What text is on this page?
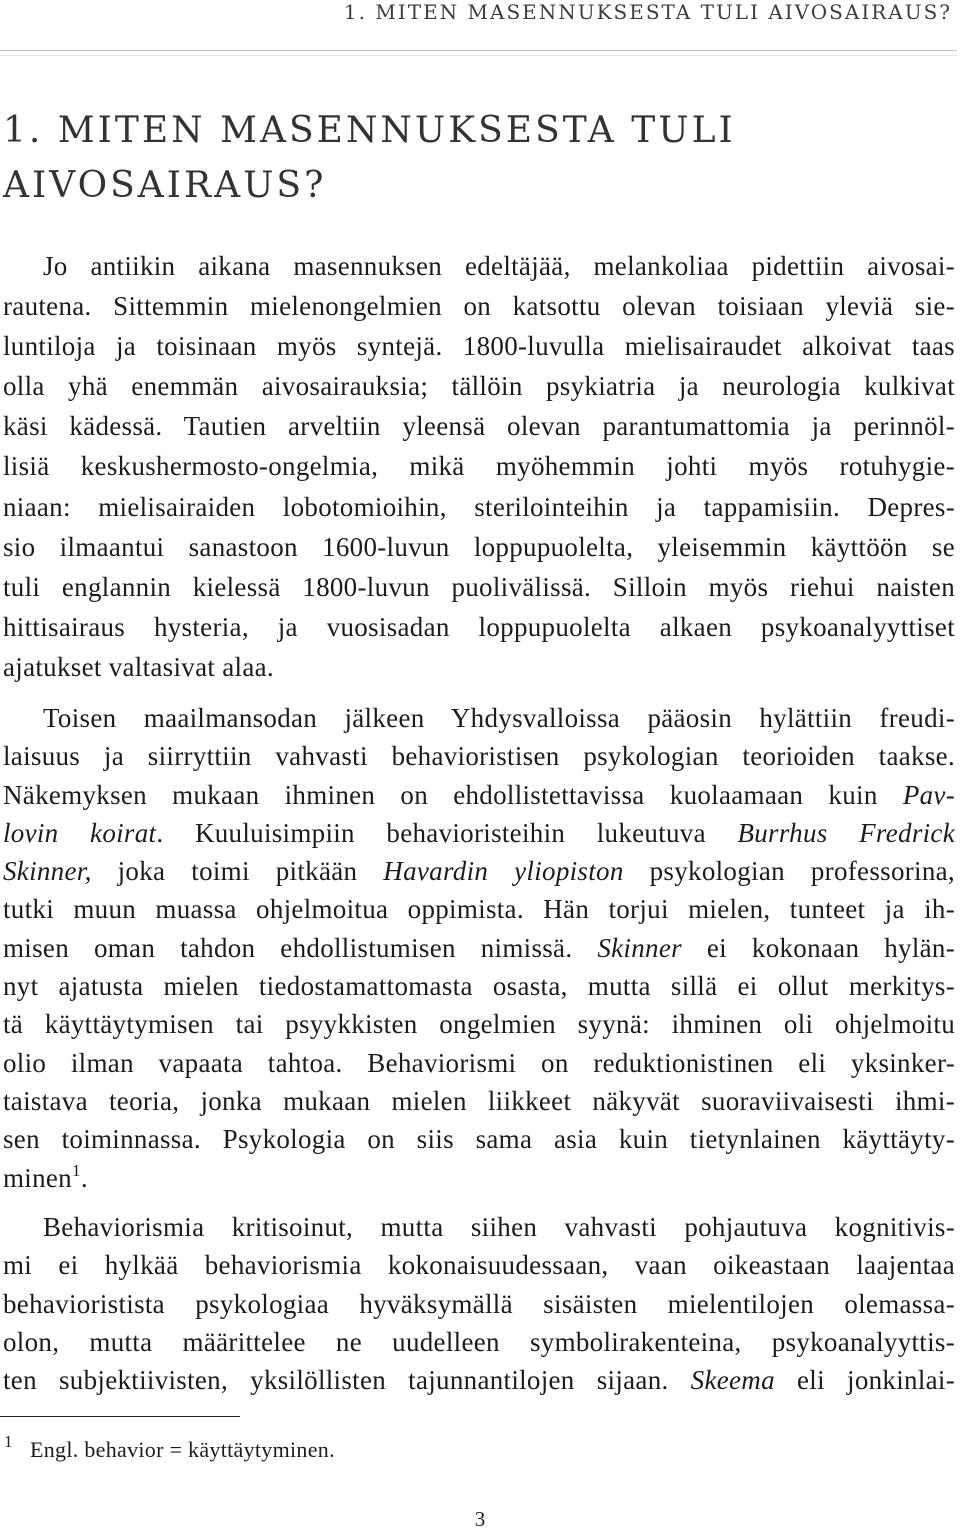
1. MITEN MASENNUKSESTA TULI AIVOSAIRAUS?
1. MITEN MASENNUKSESTA TULI
AIVOSAIRAUS?
Jo antiikin aikana masennuksen edeltäjää, melankoliaa pidettiin aivosai-
rautena. Sittemmin mielenongelmien on katsottu olevan toisiaan yleviä sie-
luntiloja ja toisinaan myös syntejä. 1800-luvulla mielisairaudet alkoivat taas
olla yhä enemmän aivosairauksia; tällöin psykiatria ja neurologia kulkivat
käsi kädessä. Tautien arveltiin yleensä olevan parantumattomia ja perinnöl-
lisiä keskushermosto-ongelmia, mikä myöhemmin johti myös rotuhygie-
niaan: mielisairaiden lobotomioihin, sterilointeihin ja tappamisiin. Depres-
sio ilmaantui sanastoon 1600-luvun loppupuolelta, yleisemmin käyttöön se
tuli englannin kielessä 1800-luvun puolivälissä. Silloin myös riehui naisten
hittisairaus hysteria, ja vuosisadan loppupuolelta alkaen psykoanalyyttiset
ajatukset valtasivat alaa.
Toisen maailmansodan jälkeen Yhdysvalloissa pääosin hylättiin freudi-
laisuus ja siirryttiin vahvasti behavioristisen psykologian teorioiden taakse.
Näkemyksen mukaan ihminen on ehdollistettavissa kuolaamaan kuin Pav-
lovin koirat. Kuuluisimpiin behavioristeihin lukeutuva Burrhus Fredrick
Skinner, joka toimi pitkään Havardin yliopiston psykologian professorina,
tutki muun muassa ohjelmoitua oppimista. Hän torjui mielen, tunteet ja ih-
misen oman tahdon ehdollistumisen nimissä. Skinner ei kokonaan hylän-
nyt ajatusta mielen tiedostamattomasta osasta, mutta sillä ei ollut merkitys-
tä käyttäytymisen tai psyykkisten ongelmien syynä: ihminen oli ohjelmoitu
olio ilman vapaata tahtoa. Behaviorismi on reduktionistinen eli yksinker-
taistava teoria, jonka mukaan mielen liikkeet näkyvät suoraviivaisesti ihmi-
sen toiminnassa. Psykologia on siis sama asia kuin tietynlainen käyttäyty-
minen$^1$.
Behaviorismia kritisoinut, mutta siihen vahvasti pohjautuva kognitivis-
mi ei hylkää behaviorismia kokonaisuudessaan, vaan oikeastaan laajentaa
behavioristista psykologiaa hyväksymällä sisäisten mielentilojen olemassa-
olon, mutta määrittelee ne uudelleen symbolirakenteina, psykoanalyyttis-
ten subjektiivisten, yksilöllisten tajunnantilojen sijaan. Skeema eli jonkinlai-
1 Engl. behavior = käyttäytyminen.
3
